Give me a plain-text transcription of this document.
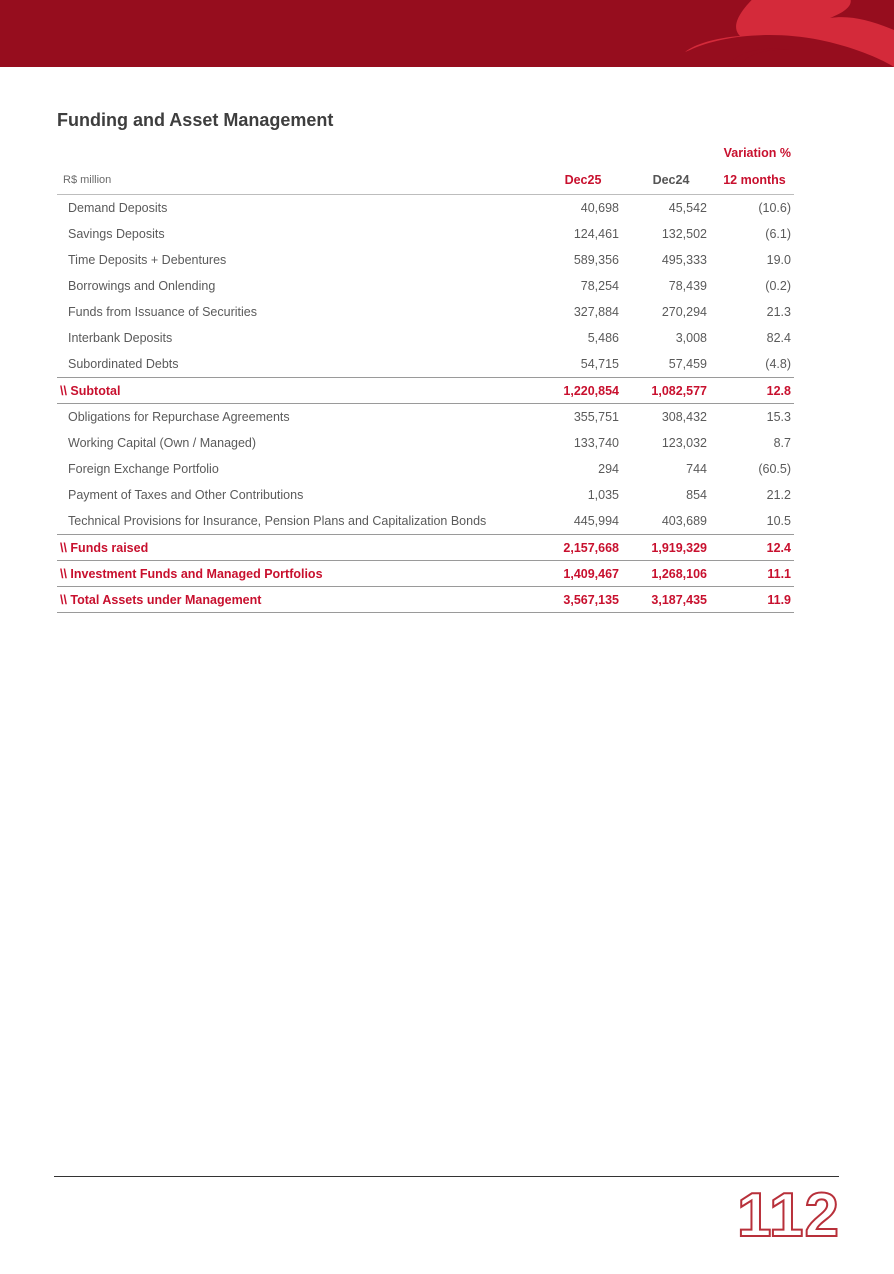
Funding and Asset Management
			Variation %
R$ million	Dec25	Dec24	12 months
Demand Deposits	40,698	45,542	(10.6)
Savings Deposits	124,461	132,502	(6.1)
Time Deposits + Debentures	589,356	495,333	19.0
Borrowings and Onlending	78,254	78,439	(0.2)
Funds from Issuance of Securities	327,884	270,294	21.3
Interbank Deposits	5,486	3,008	82.4
Subordinated Debts	54,715	57,459	(4.8)
\\ Subtotal	1,220,854	1,082,577	12.8
Obligations for Repurchase Agreements	355,751	308,432	15.3
Working Capital (Own / Managed)	133,740	123,032	8.7
Foreign Exchange Portfolio	294	744	(60.5)
Payment of Taxes and Other Contributions	1,035	854	21.2
Technical Provisions for Insurance, Pension Plans and Capitalization Bonds	445,994	403,689	10.5
\\ Funds raised	2,157,668	1,919,329	12.4
\\ Investment Funds and Managed Portfolios	1,409,467	1,268,106	11.1
\\ Total Assets under Management	3,567,135	3,187,435	11.9
112
